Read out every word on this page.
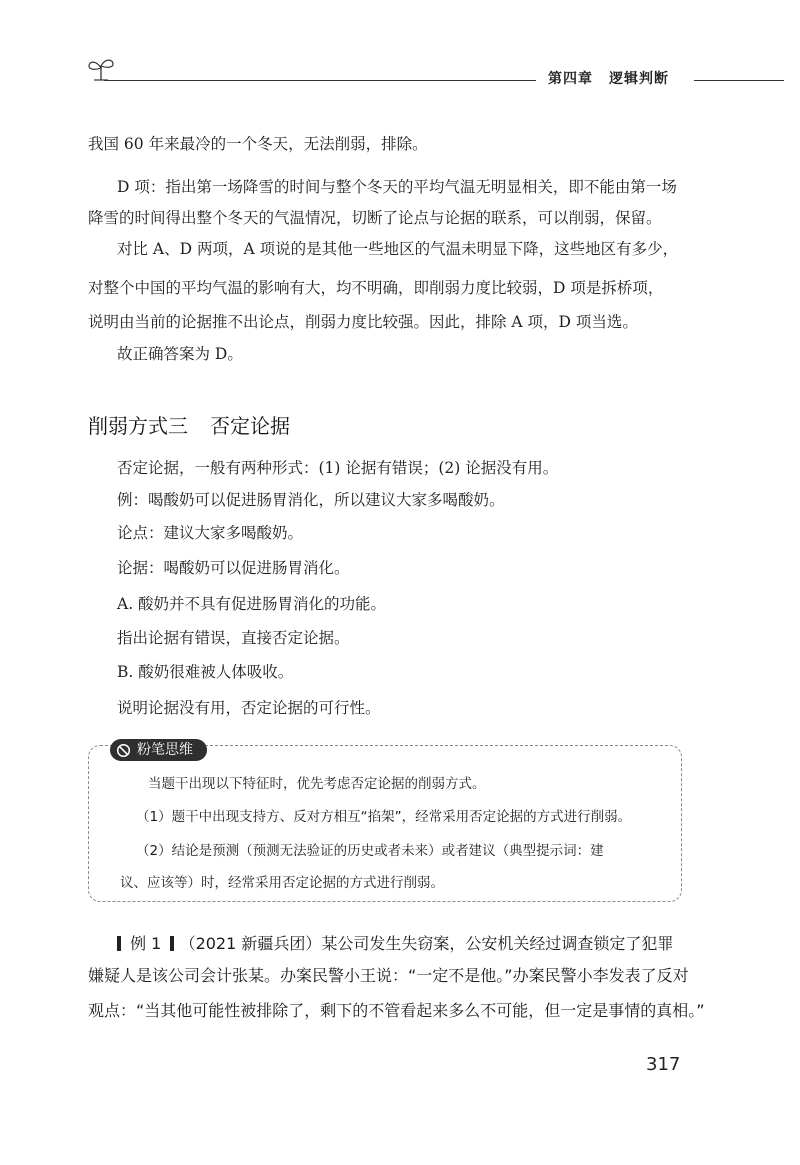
第四章 逻辑判断
我国 60 年来最冷的一个冬天，无法削弱，排除。
D 项：指出第一场降雪的时间与整个冬天的平均气温无明显相关，即不能由第一场
降雪的时间得出整个冬天的气温情况，切断了论点与论据的联系，可以削弱，保留。
对比 A、D 两项，A 项说的是其他一些地区的气温未明显下降，这些地区有多少，
对整个中国的平均气温的影响有大，均不明确，即削弱力度比较弱，D 项是拆桥项，
说明由当前的论据推不出论点，削弱力度比较强。因此，排除 A 项，D 项当选。
故正确答案为 D。
削弱方式三 否定论据
否定论据，一般有两种形式：(1) 论据有错误；(2) 论据没有用。
例：喝酸奶可以促进肠胃消化，所以建议大家多喝酸奶。
论点：建议大家多喝酸奶。
论据：喝酸奶可以促进肠胃消化。
A. 酸奶并不具有促进肠胃消化的功能。
指出论据有错误，直接否定论据。
B. 酸奶很难被人体吸收。
说明论据没有用，否定论据的可行性。
粉笔思维
当题干出现以下特征时，优先考虑否定论据的削弱方式。
（1）题干中出现支持方、反对方相互“掐架”，经常采用否定论据的方式进行削弱。
（2）结论是预测（预测无法验证的历史或者未来）或者建议（典型提示词：建
议、应该等）时，经常采用否定论据的方式进行削弱。
例 1 （2021 新疆兵团）某公司发生失窃案，公安机关经过调查锁定了犯罪
嫌疑人是该公司会计张某。办案民警小王说：“一定不是他。”办案民警小李发表了反对
观点：“当其他可能性被排除了，剩下的不管看起来多么不可能，但一定是事情的真相。”
317
